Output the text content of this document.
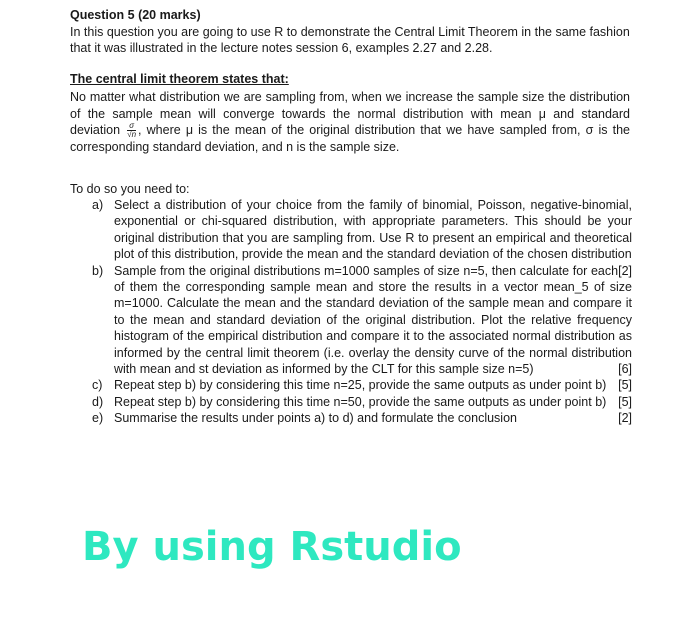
Question 5 (20 marks)
In this question you are going to use R to demonstrate the Central Limit Theorem in the same fashion that it was illustrated in the lecture notes session 6, examples 2.27 and 2.28.
The central limit theorem states that:
No matter what distribution we are sampling from, when we increase the sample size the distribution of the sample mean will converge towards the normal distribution with mean μ and standard deviation $\frac{\sigma}{√n}$ , where μ is the mean of the original distribution that we have sampled from, σ is the corresponding standard deviation, and n is the sample size.
To do so you need to:
a) Select a distribution of your choice from the family of binomial, Poisson, negative-binomial, exponential or chi-squared distribution, with appropriate parameters. This should be your original distribution that you are sampling from. Use R to present an empirical and theoretical plot of this distribution, provide the mean and the standard deviation of the chosen distribution
[2]
b) Sample from the original distributions m=1000 samples of size n=5, then calculate for each of them the corresponding sample mean and store the results in a vector mean_5 of size m=1000. Calculate the mean and the standard deviation of the sample mean and compare it to the mean and standard deviation of the original distribution. Plot the relative frequency histogram of the empirical distribution and compare it to the associated normal distribution as informed by the central limit theorem (i.e. overlay the density curve of the normal distribution with mean and st deviation as informed by the CLT for this sample size n=5)	[6]
c) Repeat step b) by considering this time n=25, provide the same outputs as under point b) [5]
d) Repeat step b) by considering this time n=50, provide the same outputs as under point b) [5]
e) Summarise the results under points a) to d) and formulate the conclusion	[2]
By using Rstudio
